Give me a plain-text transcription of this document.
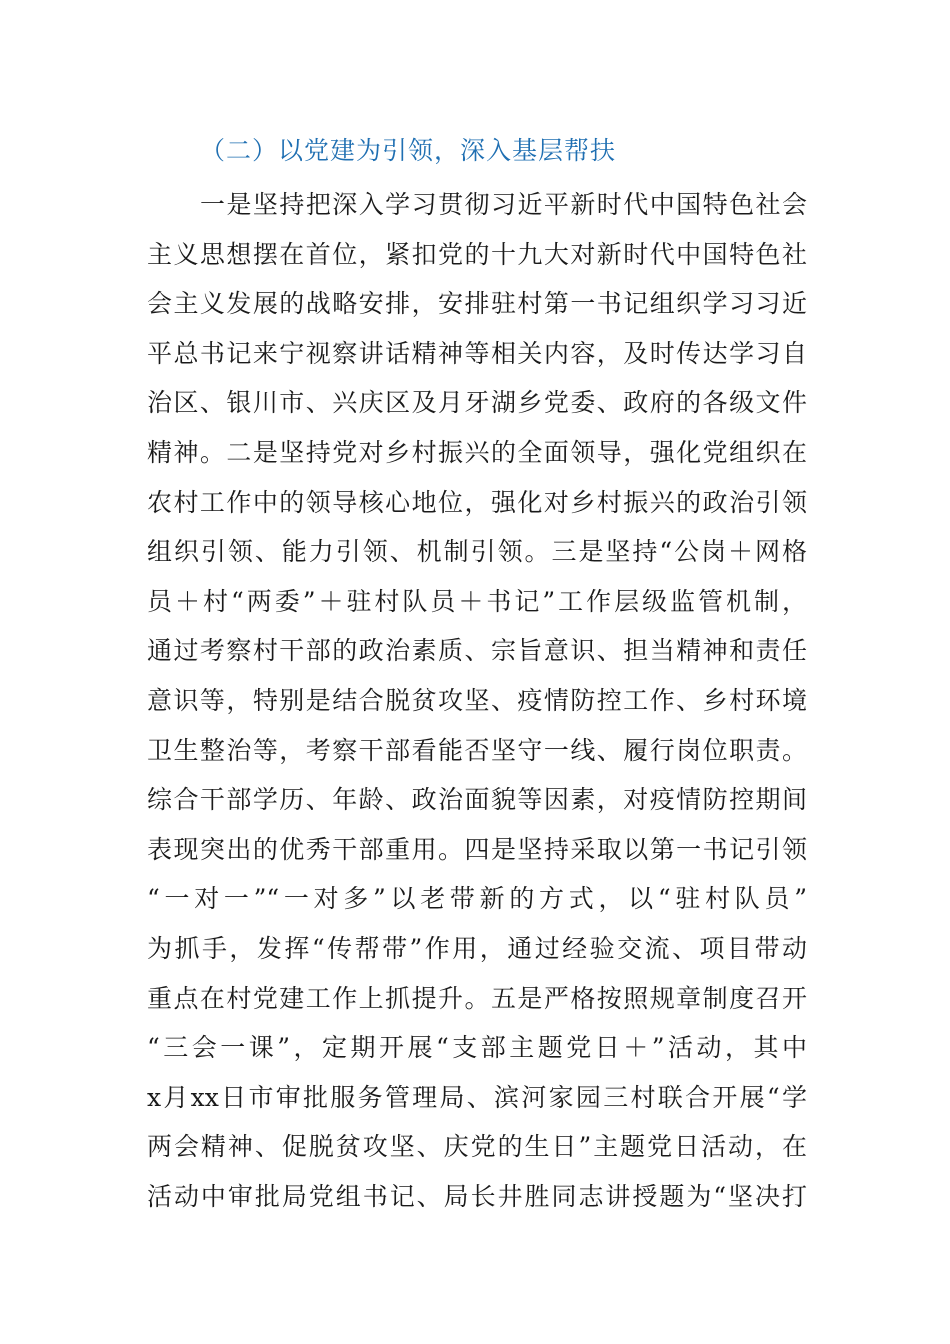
（二）以党建为引领，深入基层帮扶
一是坚持把深入学习贯彻习近平新时代中国特色社会
主义思想摆在首位，紧扣党的十九大对新时代中国特色社
会主义发展的战略安排，安排驻村第一书记组织学习习近
平总书记来宁视察讲话精神等相关内容，及时传达学习自
治区、银川市、兴庆区及月牙湖乡党委、政府的各级文件
精神。二是坚持党对乡村振兴的全面领导，强化党组织在
农村工作中的领导核心地位，强化对乡村振兴的政治引领
组织引领、能力引领、机制引领。三是坚持“公岗＋网格
员＋村“两委”＋驻村队员＋书记”工作层级监管机制，
通过考察村干部的政治素质、宗旨意识、担当精神和责任
意识等，特别是结合脱贫攻坚、疫情防控工作、乡村环境
卫生整治等，考察干部看能否坚守一线、履行岗位职责。
综合干部学历、年龄、政治面貌等因素，对疫情防控期间
表现突出的优秀干部重用。四是坚持采取以第一书记引领
“一对一”“一对多”以老带新的方式，以“驻村队员”
为抓手，发挥“传帮带”作用，通过经验交流、项目带动
重点在村党建工作上抓提升。五是严格按照规章制度召开
“三会一课”，定期开展“支部主题党日＋”活动，其中
x月xx日市审批服务管理局、滨河家园三村联合开展“学
两会精神、促脱贫攻坚、庆党的生日”主题党日活动，在
活动中审批局党组书记、局长井胜同志讲授题为“坚决打
